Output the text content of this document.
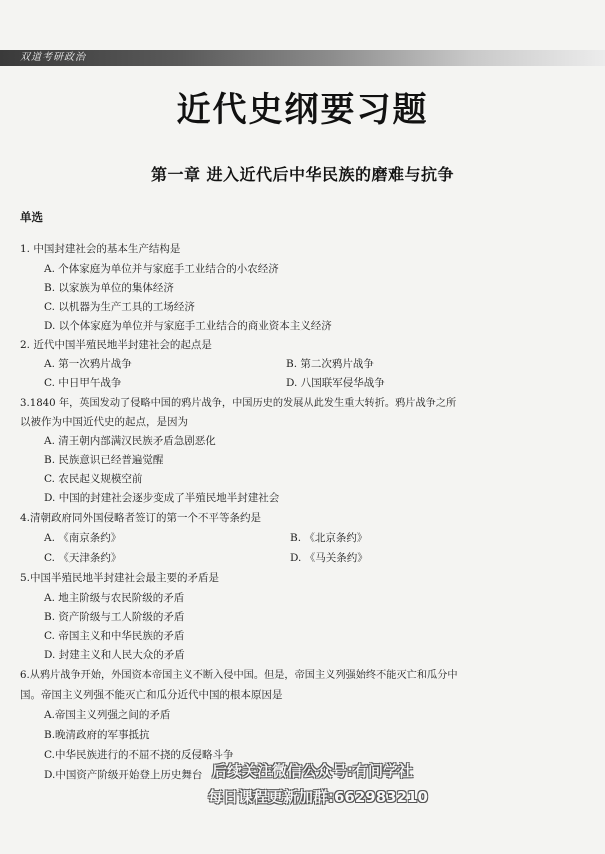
双道考研政治
近代史纲要习题
第一章 进入近代后中华民族的磨难与抗争
单选
1. 中国封建社会的基本生产结构是
A. 个体家庭为单位并与家庭手工业结合的小农经济
B. 以家族为单位的集体经济
C. 以机器为生产工具的工场经济
D. 以个体家庭为单位并与家庭手工业结合的商业资本主义经济
2. 近代中国半殖民地半封建社会的起点是
A. 第一次鸦片战争	B. 第二次鸦片战争
C. 中日甲午战争	D. 八国联军侵华战争
3.1840 年，英国发动了侵略中国的鸦片战争，中国历史的发展从此发生重大转折。鸦片战争之所
以被作为中国近代史的起点，是因为
A. 清王朝内部满汉民族矛盾急剧恶化
B. 民族意识已经普遍觉醒
C. 农民起义规模空前
D. 中国的封建社会逐步变成了半殖民地半封建社会
4.清朝政府同外国侵略者签订的第一个不平等条约是
A. 《南京条约》	B. 《北京条约》
C. 《天津条约》	D. 《马关条约》
5.中国半殖民地半封建社会最主要的矛盾是
A. 地主阶级与农民阶级的矛盾
B. 资产阶级与工人阶级的矛盾
C. 帝国主义和中华民族的矛盾
D. 封建主义和人民大众的矛盾
6.从鸦片战争开始，外国资本帝国主义不断入侵中国。但是，帝国主义列强始终不能灭亡和瓜分中
国。帝国主义列强不能灭亡和瓜分近代中国的根本原因是
A.帝国主义列强之间的矛盾
B.晚清政府的军事抵抗
C.中华民族进行的不屈不挠的反侵略斗争
D.中国资产阶级开始登上历史舞台 后续关注微信公众号:有间学社
每日课程更新加群:662983210
